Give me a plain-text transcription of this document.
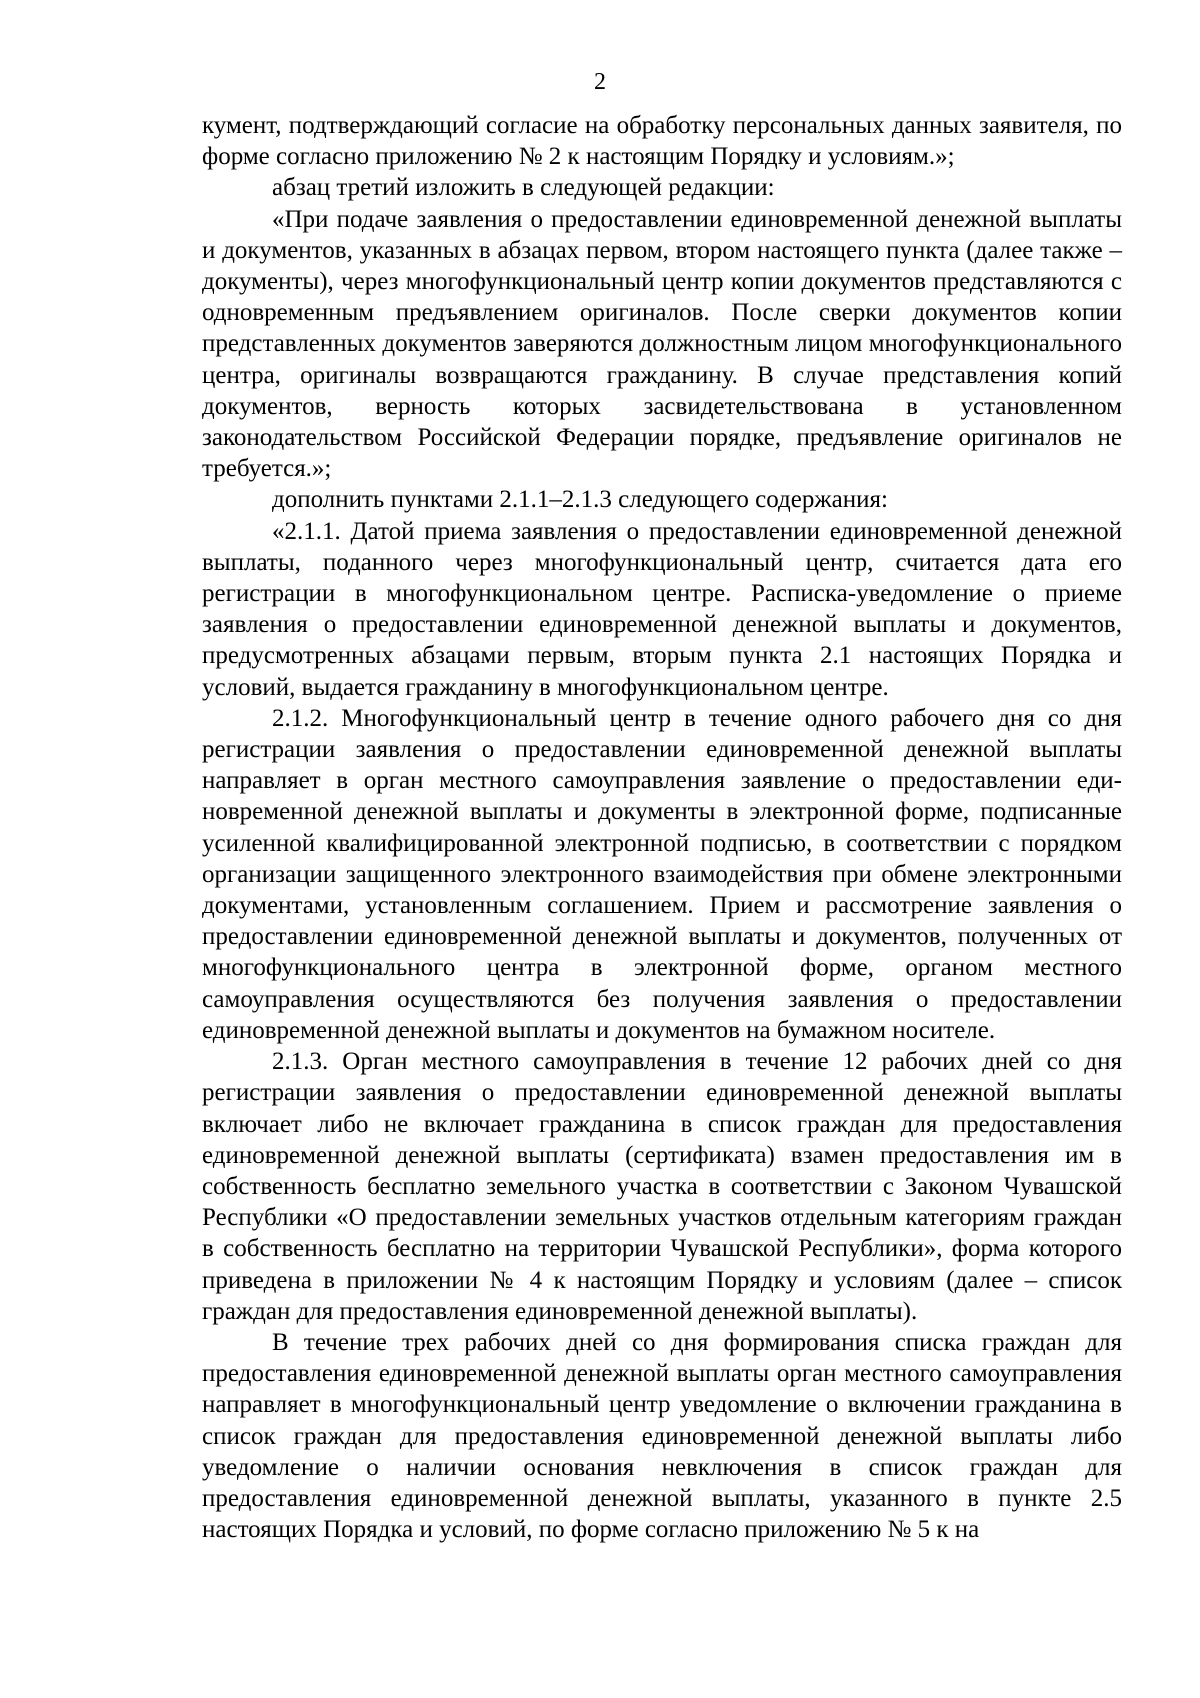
2

кумент, подтверждающий согласие на обработку персональных данных заявителя, по форме согласно приложению № 2 к настоящим Порядку и условиям.»;

абзац третий изложить в следующей редакции:

«При подаче заявления о предоставлении единовременной денежной выплаты и документов, указанных в абзацах первом, втором настоящего пункта (далее также – документы), через многофункциональный центр копии документов представляются с одновременным предъявлением оригиналов. После сверки документов копии представленных документов заверяются должностным лицом многофункционального центра, оригиналы возвращаются гражданину. В случае представления копий документов, верность которых засвидетельствована в установленном законодательством Российской Федерации порядке, предъявление оригиналов не требуется.»;

дополнить пунктами 2.1.1–2.1.3 следующего содержания:

«2.1.1. Датой приема заявления о предоставлении единовременной денежной выплаты, поданного через многофункциональный центр, считается дата его регистрации в многофункциональном центре. Расписка-уведомление о приеме заявления о предоставлении единовременной денежной выплаты и документов, предусмотренных абзацами первым, вторым пункта 2.1 настоящих Порядка и условий, выдается гражданину в многофункциональном центре.

2.1.2. Многофункциональный центр в течение одного рабочего дня со дня регистрации заявления о предоставлении единовременной денежной выплаты направляет в орган местного самоуправления заявление о предоставлении единовременной денежной выплаты и документы в электронной форме, подписанные усиленной квалифицированной электронной подписью, в соответствии с порядком организации защищенного электронного взаимодействия при обмене электронными документами, установленным соглашением. Прием и рассмотрение заявления о предоставлении единовременной денежной выплаты и документов, полученных от многофункционального центра в электронной форме, органом местного самоуправления осуществляются без получения заявления о предоставлении единовременной денежной выплаты и документов на бумажном носителе.

2.1.3. Орган местного самоуправления в течение 12 рабочих дней со дня регистрации заявления о предоставлении единовременной денежной выплаты включает либо не включает гражданина в список граждан для предоставления единовременной денежной выплаты (сертификата) взамен предоставления им в собственность бесплатно земельного участка в соответствии с Законом Чувашской Республики «О предоставлении земельных участков отдельным категориям граждан в собственность бесплатно на территории Чувашской Республики», форма которого приведена в приложении № 4 к настоящим Порядку и условиям (далее – список граждан для предоставления единовременной денежной выплаты).

В течение трех рабочих дней со дня формирования списка граждан для предоставления единовременной денежной выплаты орган местного самоуправления направляет в многофункциональный центр уведомление о включении гражданина в список граждан для предоставления единовременной денежной выплаты либо уведомление о наличии основания невключения в список граждан для предоставления единовременной денежной выплаты, указанного в пункте 2.5 настоящих Порядка и условий, по форме согласно приложению № 5 к на
